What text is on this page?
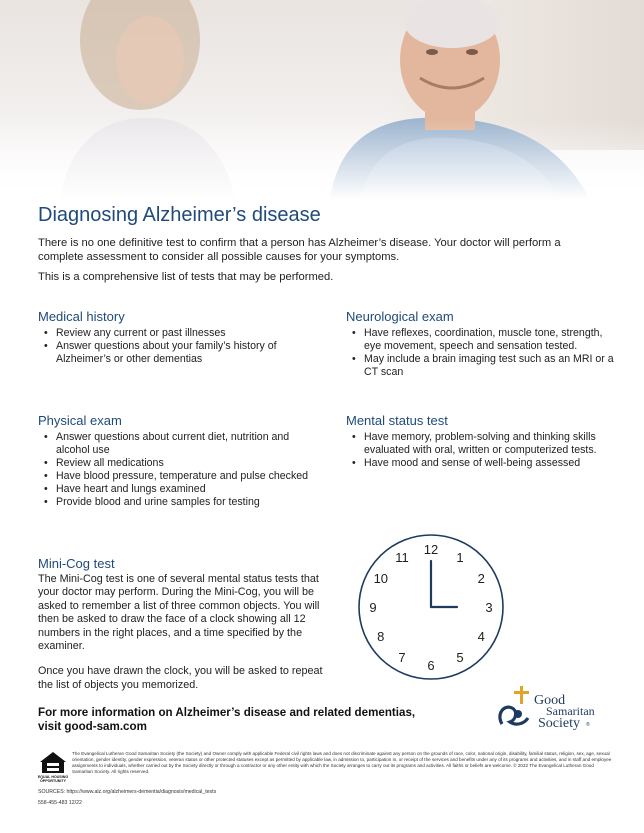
Diagnosing Alzheimer’s disease

There is no one definitive test to confirm that a person has Alzheimer’s disease. Your doctor will perform a complete assessment to consider all possible causes for your symptoms.

This is a comprehensive list of tests that may be performed.

Medical history
• Review any current or past illnesses
• Answer questions about your family’s history of Alzheimer’s or other dementias
Neurological exam
• Have reflexes, coordination, muscle tone, strength, eye movement, speech and sensation tested.
• May include a brain imaging test such as an MRI or a CT scan
Physical exam
• Answer questions about current diet, nutrition and alcohol use
• Review all medications
• Have blood pressure, temperature and pulse checked
• Have heart and lungs examined
• Provide blood and urine samples for testing
Mental status test
• Have memory, problem-solving and thinking skills evaluated with oral, written or computerized tests.
• Have mood and sense of well-being assessed
Mini-Cog test

The Mini-Cog test is one of several mental status tests that your doctor may perform. During the Mini-Cog, you will be asked to remember a list of three common objects. You will then be asked to draw the face of a clock showing all 12 numbers in the right places, and a time specified by the examiner.

Once you have drawn the clock, you will be asked to repeat the list of objects you memorized.

12
1
2
3
4
5
6
7
8
9
10
11

For more information on Alzheimer’s disease and related dementias, visit good-sam.com

Good
Samaritan
Society ®
EQUAL HOUSING
OPPORTUNITY

The Evangelical Lutheran Good Samaritan Society (the Society) and Owner comply with applicable Federal civil rights laws and does not discriminate against any person on the grounds of race, color, national origin, disability, familial status, religion, sex, age, sexual orientation, gender identity, gender expression, veteran status or other protected statuses except as permitted by applicable law, in admission to, participation in, or receipt of the services and benefits under any of its programs and activities, and in staff and employee assignments to individuals, whether carried out by the Society directly or through a contractor or any other entity with which the Society arranges to carry out its programs and activities. All faiths or beliefs are welcome. © 2022 The Evangelical Lutheran Good Samaritan Society. All rights reserved.

SOURCES: https://www.alz.org/alzheimers-dementia/diagnosis/medical_tests

558-455-483 12/22
